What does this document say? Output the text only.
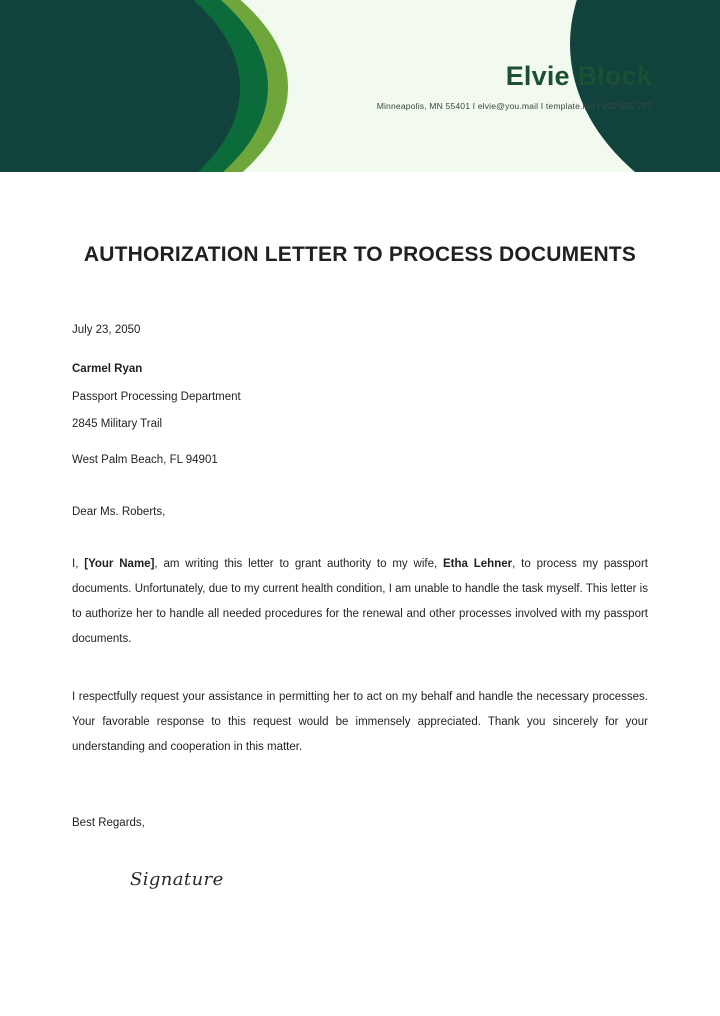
Elvie Block
Minneapolis, MN 55401 I elvie@you.mail I template.net I 222 555 777
AUTHORIZATION LETTER TO PROCESS DOCUMENTS
July 23, 2050
Carmel Ryan
Passport Processing Department
2845 Military Trail
West Palm Beach, FL 94901
Dear Ms. Roberts,

I, [Your Name], am writing this letter to grant authority to my wife, Etha Lehner, to process my passport documents. Unfortunately, due to my current health condition, I am unable to handle the task myself. This letter is to authorize her to handle all needed procedures for the renewal and other processes involved with my passport documents.

I respectfully request your assistance in permitting her to act on my behalf and handle the necessary processes. Your favorable response to this request would be immensely appreciated. Thank you sincerely for your understanding and cooperation in this matter.

Best Regards,
Signature
